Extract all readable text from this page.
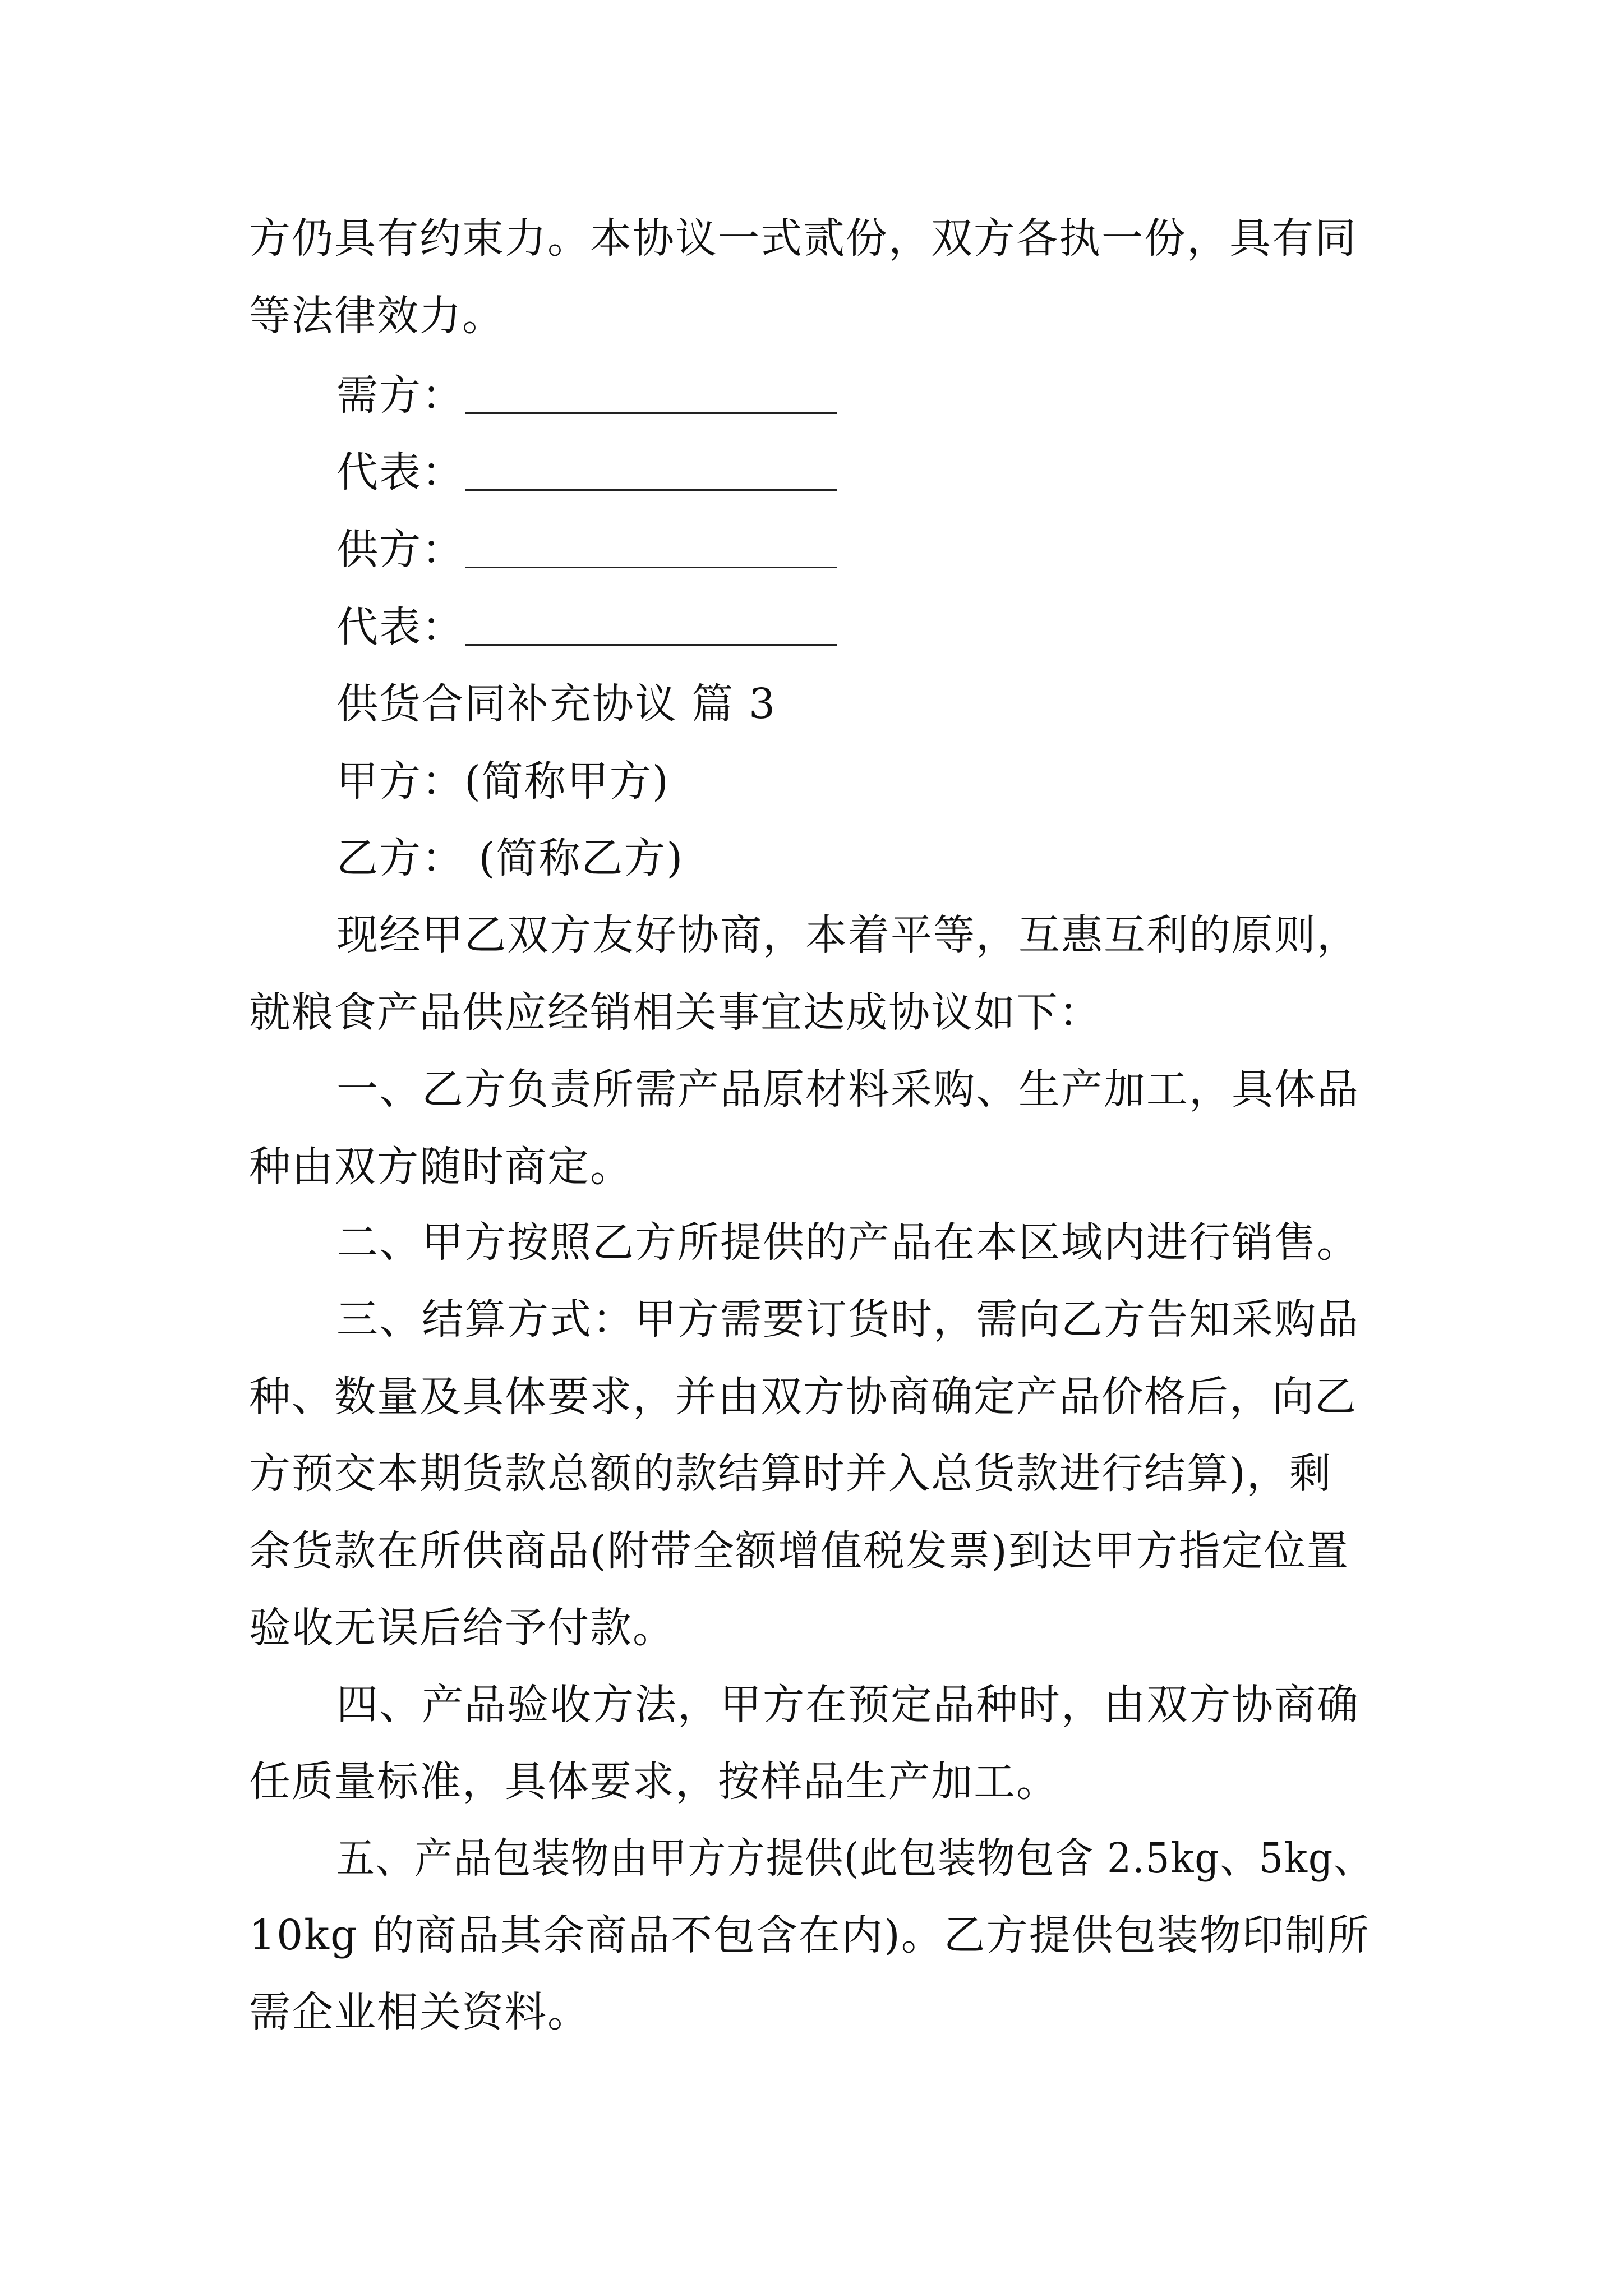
方仍具有约束力。本协议一式贰份，双方各执一份，具有同

等法律效力。

需方：

代表：

供方：

代表：

供货合同补充协议 篇 3

甲方：(简称甲方)

乙方： (简称乙方)

现经甲乙双方友好协商，本着平等，互惠互利的原则，

就粮食产品供应经销相关事宜达成协议如下：

一、乙方负责所需产品原材料采购、生产加工，具体品

种由双方随时商定。

二、甲方按照乙方所提供的产品在本区域内进行销售。

三、结算方式：甲方需要订货时，需向乙方告知采购品

种、数量及具体要求，并由双方协商确定产品价格后，向乙

方预交本期货款总额的款结算时并入总货款进行结算)，剩

余货款在所供商品(附带全额增值税发票)到达甲方指定位置

验收无误后给予付款。

四、产品验收方法，甲方在预定品种时，由双方协商确

任质量标准，具体要求，按样品生产加工。

五、产品包装物由甲方方提供(此包装物包含 2.5kg、5kg、

10kg 的商品其余商品不包含在内)。乙方提供包装物印制所

需企业相关资料。
